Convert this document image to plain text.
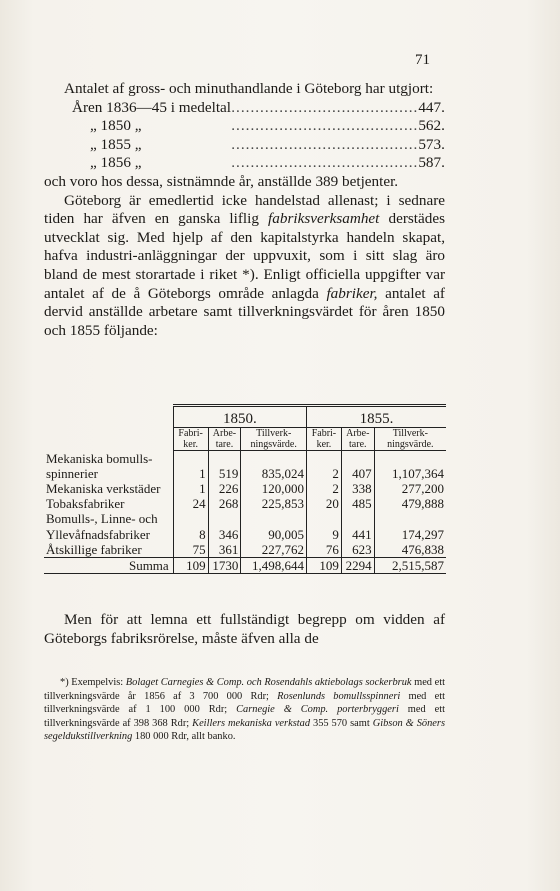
71

Antalet af gross- och minuthandlande i Göteborg har utgjort:

Åren 1836—45 i medeltal	.......................................	447.
„ 1850 „	.......................................	562.
„ 1855 „	.......................................	573.
„ 1856 „	.......................................	587.

och voro hos dessa, sistnämnde år, anställde 389 betjenter.

Göteborg är emedlertid icke handelstad allenast; i sednare tiden har äfven en ganska liflig fabriksverksamhet derstädes utvecklat sig. Med hjelp af den kapitalstyrka handeln skapat, hafva industri-anläggningar der uppvuxit, som i sitt slag äro bland de mest storartade i riket *). Enligt officiella uppgifter var antalet af de å Göteborgs område anlagda fabriker, antalet af dervid anställde arbetare samt tillverkningsvärdet för åren 1850 och 1855 följande:

	1850.			1855.		
	Fabri-ker.	Arbe-tare.	Tillverk-ningsvärde.	Fabri-ker.	Arbe-tare.	Tillverk-ningsvärde.
Mekaniska bomulls-spinnerier	1	519	835,024	2	407	1,107,364
Mekaniska verkstäder	1	226	120,000	2	338	277,200
Tobaksfabriker	24	268	225,853	20	485	479,888
Bomulls-, Linne- och Yllevåfnadsfabriker	8	346	90,005	9	441	174,297
Åtskillige fabriker	75	361	227,762	76	623	476,838
Summa	109	1730	1,498,644	109	2294	2,515,587

Men för att lemna ett fullständigt begrepp om vidden af Göteborgs fabriksrörelse, måste äfven alla de

*) Exempelvis: Bolaget Carnegies & Comp. och Rosendahls aktiebolags sockerbruk med ett tillverkningsvärde år 1856 af 3 700 000 Rdr; Rosenlunds bomullsspinneri med ett tillverkningsvärde af 1 100 000 Rdr; Carnegie & Comp. porterbryggeri med ett tillverkningsvärde af 398 368 Rdr; Keillers mekaniska verkstad 355 570 samt Gibson & Söners segeldukstillverkning 180 000 Rdr, allt banko.
